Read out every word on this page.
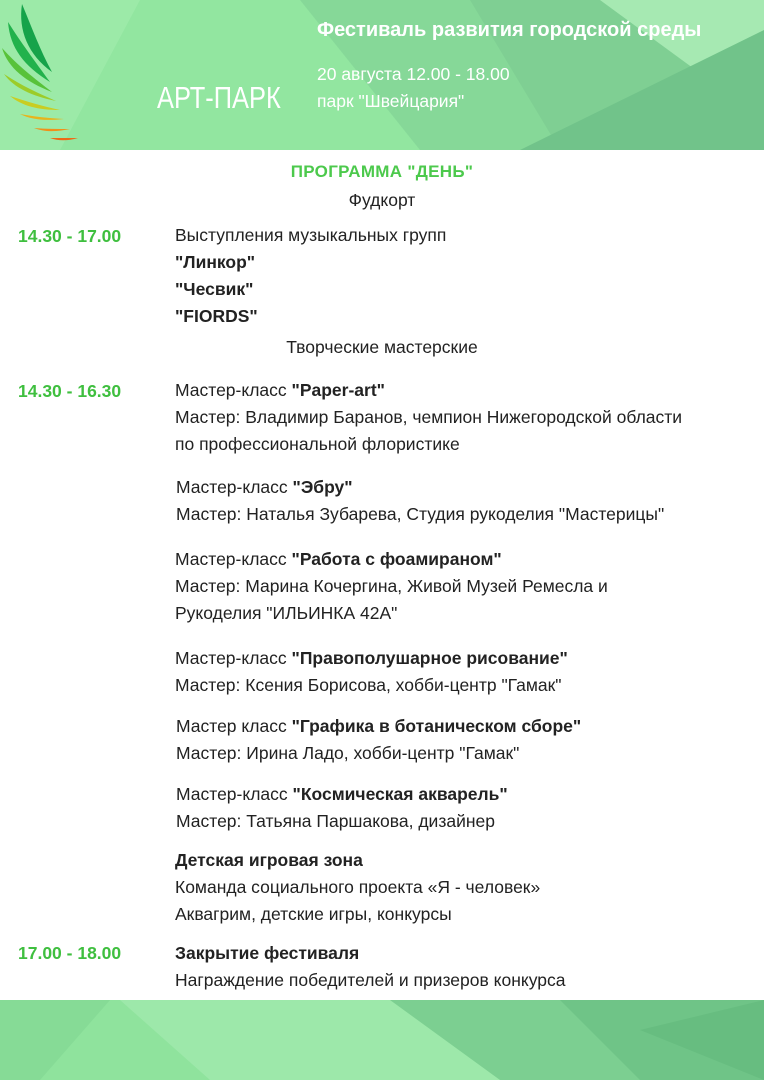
АРТ-ПАРК
Фестиваль развития городской среды
20 августа 12.00 - 18.00
парк "Швейцария"
ПРОГРАММА "ДЕНЬ"
Фудкорт
14.30 - 17.00	Выступления музыкальных групп
"Линкор"
"Чесвик"
"FIORDS"
Творческие мастерские
14.30 - 16.30	Мастер-класс "Paper-art"
Мастер: Владимир Баранов, чемпион Нижегородской области
по профессиональной флористике
Мастер-класс "Эбру"
Мастер: Наталья Зубарева, Студия рукоделия "Мастерицы"
Мастер-класс "Работа с фоамираном"
Мастер: Марина Кочергина, Живой Музей Ремесла и
Рукоделия "ИЛЬИНКА 42А"
Мастер-класс "Правополушарное рисование"
Мастер: Ксения Борисова, хобби-центр "Гамак"
Мастер класс "Графика в ботаническом сборе"
Мастер: Ирина Ладо, хобби-центр "Гамак"
Мастер-класс "Космическая акварель"
Мастер: Татьяна Паршакова, дизайнер
Детская игровая зона
Команда социального проекта «Я - человек»
Аквагрим, детские игры, конкурсы
17.00 - 18.00	Закрытие фестиваля
Награждение победителей и призеров конкурса
